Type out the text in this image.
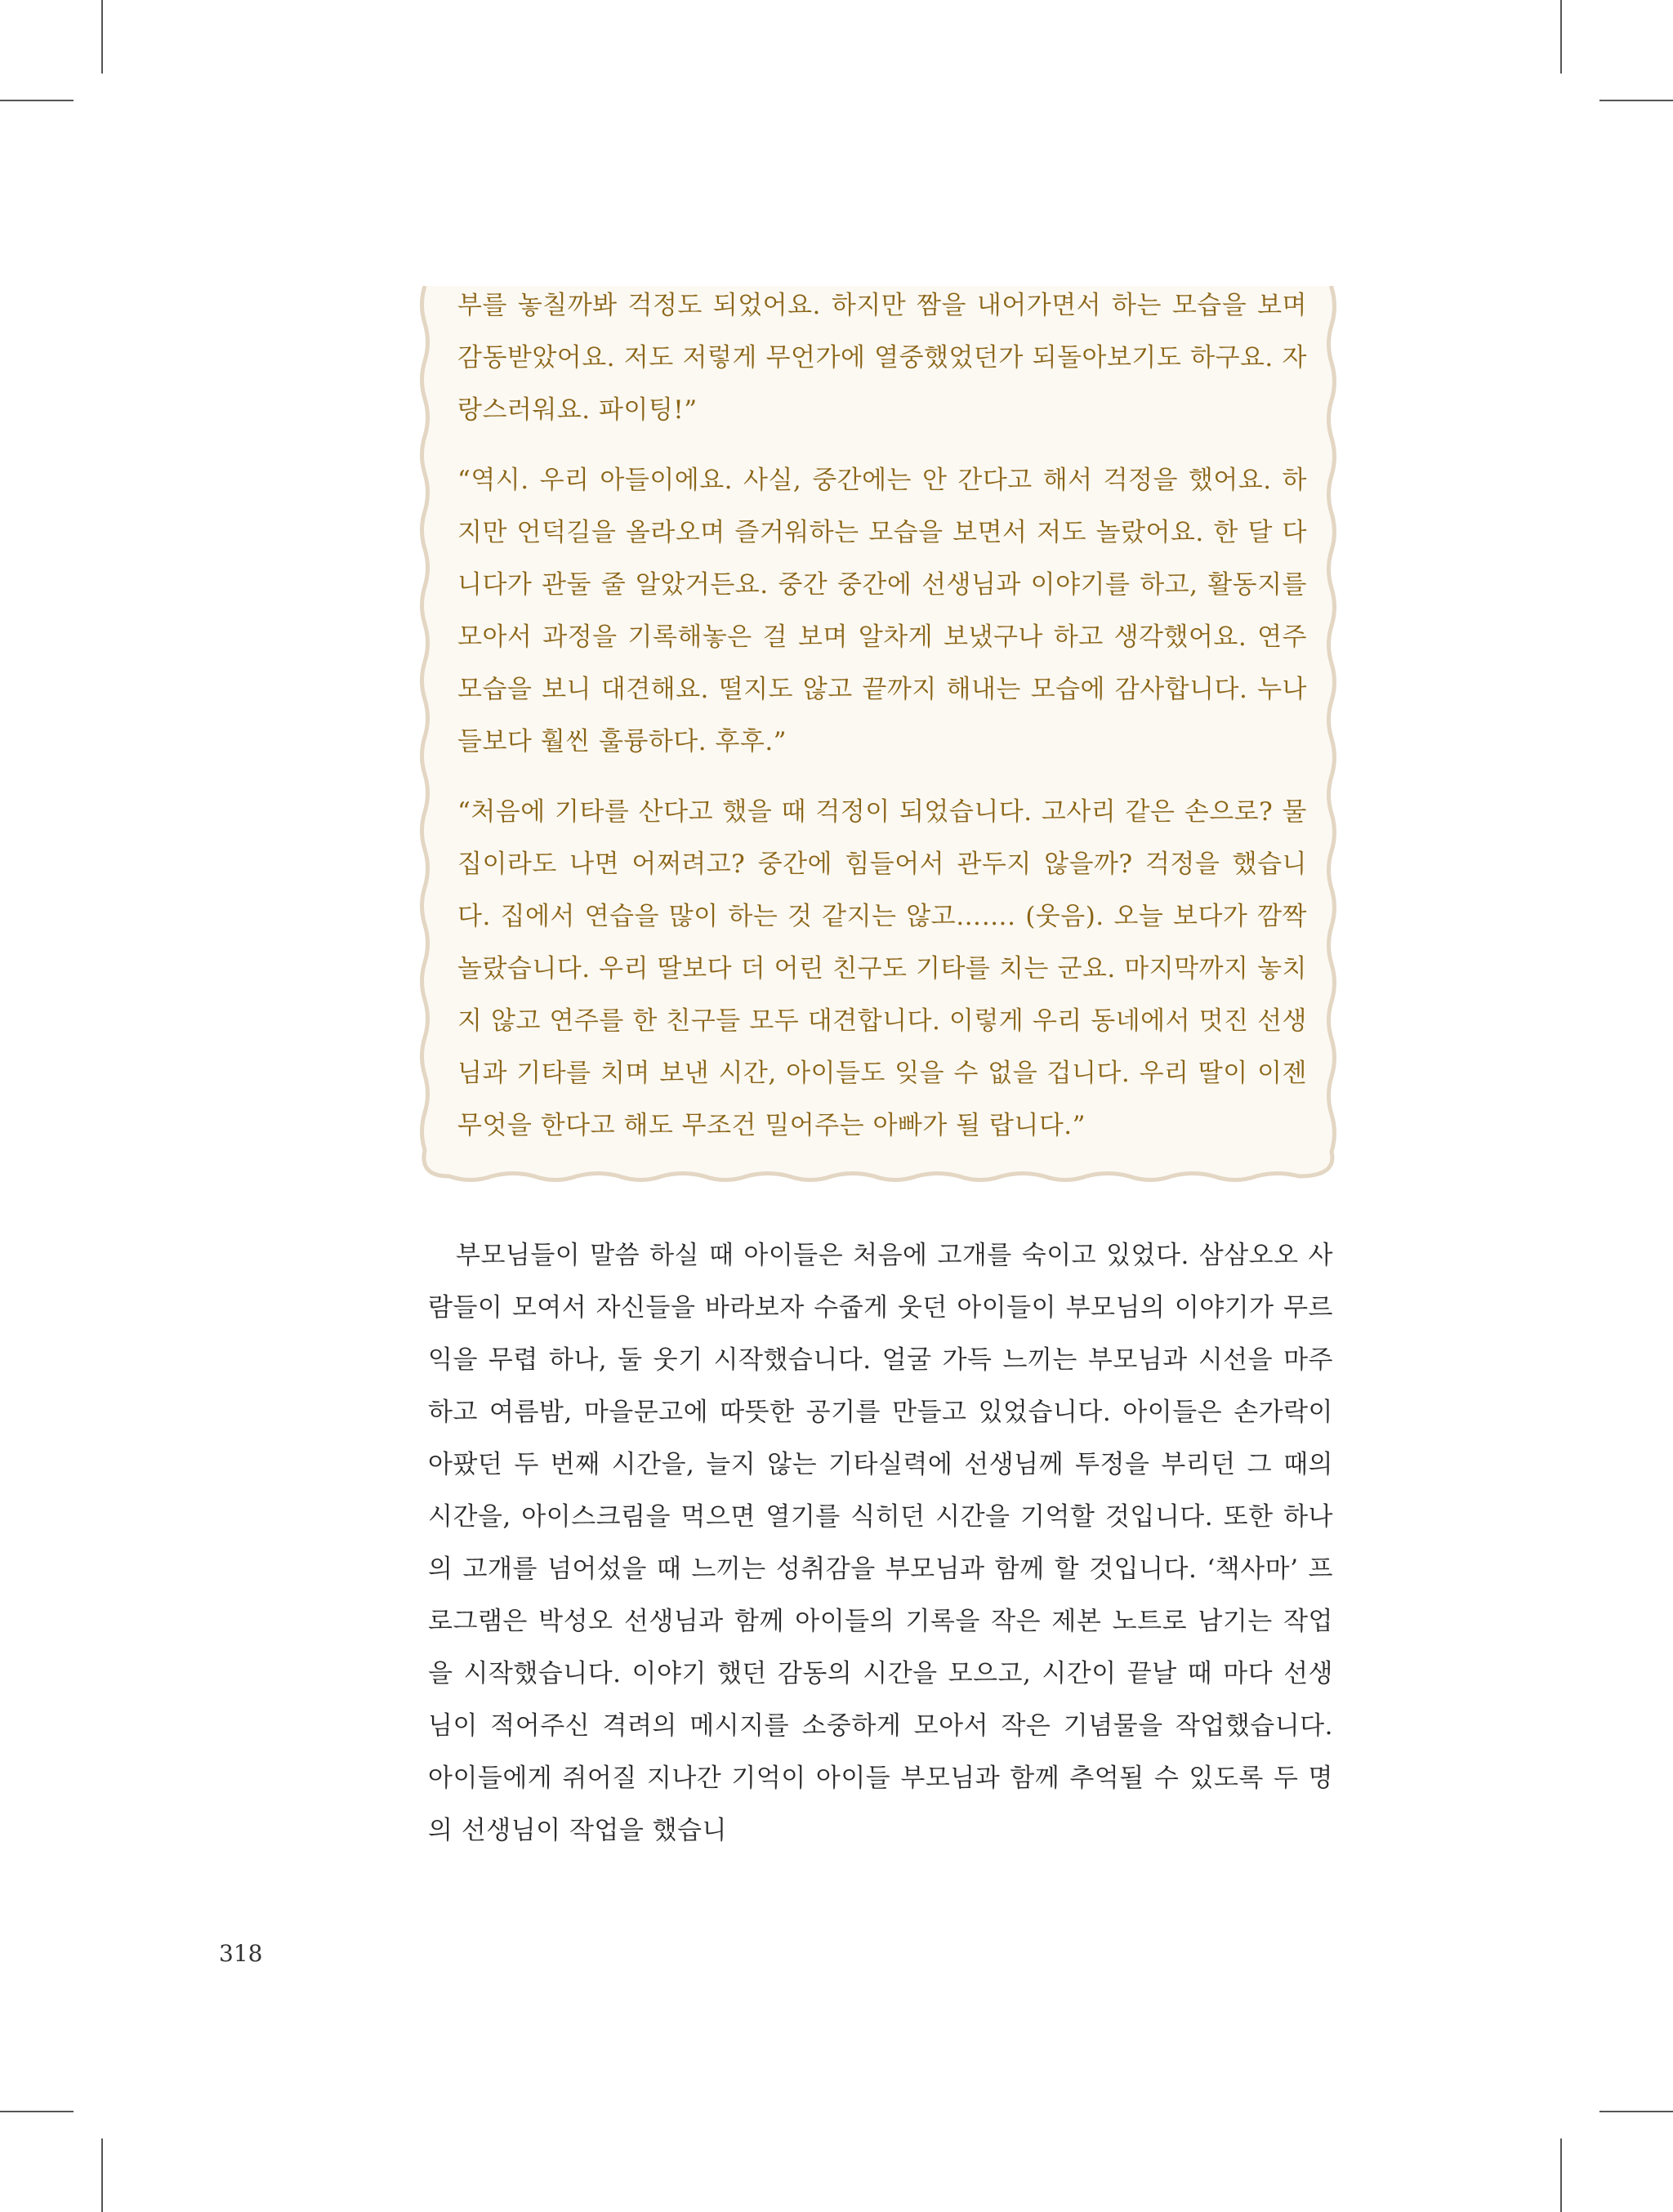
부를 놓칠까봐 걱정도 되었어요. 하지만 짬을 내어가면서 하는 모습을 보며 감동받았어요. 저도 저렇게 무언가에 열중했었던가 되돌아보기도 하구요. 자랑스러워요. 파이팅!”

“역시. 우리 아들이에요. 사실, 중간에는 안 간다고 해서 걱정을 했어요. 하지만 언덕길을 올라오며 즐거워하는 모습을 보면서 저도 놀랐어요. 한 달 다니다가 관둘 줄 알았거든요. 중간 중간에 선생님과 이야기를 하고, 활동지를 모아서 과정을 기록해놓은 걸 보며 알차게 보냈구나 하고 생각했어요. 연주 모습을 보니 대견해요. 떨지도 않고 끝까지 해내는 모습에 감사합니다. 누나들보다 훨씬 훌륭하다. 후후.”

“처음에 기타를 산다고 했을 때 걱정이 되었습니다. 고사리 같은 손으로? 물집이라도 나면 어쩌려고? 중간에 힘들어서 관두지 않을까? 걱정을 했습니다. 집에서 연습을 많이 하는 것 같지는 않고……. (웃음). 오늘 보다가 깜짝 놀랐습니다. 우리 딸보다 더 어린 친구도 기타를 치는 군요. 마지막까지 놓치지 않고 연주를 한 친구들 모두 대견합니다. 이렇게 우리 동네에서 멋진 선생님과 기타를 치며 보낸 시간, 아이들도 잊을 수 없을 겁니다. 우리 딸이 이젠 무엇을 한다고 해도 무조건 밀어주는 아빠가 될 랍니다.”

부모님들이 말씀 하실 때 아이들은 처음에 고개를 숙이고 있었다. 삼삼오오 사람들이 모여서 자신들을 바라보자 수줍게 웃던 아이들이 부모님의 이야기가 무르익을 무렵 하나, 둘 웃기 시작했습니다. 얼굴 가득 느끼는 부모님과 시선을 마주하고 여름밤, 마을문고에 따뜻한 공기를 만들고 있었습니다. 아이들은 손가락이 아팠던 두 번째 시간을, 늘지 않는 기타실력에 선생님께 투정을 부리던 그 때의 시간을, 아이스크림을 먹으면 열기를 식히던 시간을 기억할 것입니다. 또한 하나의 고개를 넘어섰을 때 느끼는 성취감을 부모님과 함께 할 것입니다. ‘책사마’ 프로그램은 박성오 선생님과 함께 아이들의 기록을 작은 제본 노트로 남기는 작업을 시작했습니다. 이야기 했던 감동의 시간을 모으고, 시간이 끝날 때 마다 선생님이 적어주신 격려의 메시지를 소중하게 모아서 작은 기념물을 작업했습니다. 아이들에게 쥐어질 지나간 기억이 아이들 부모님과 함께 추억될 수 있도록 두 명의 선생님이 작업을 했습니

318
